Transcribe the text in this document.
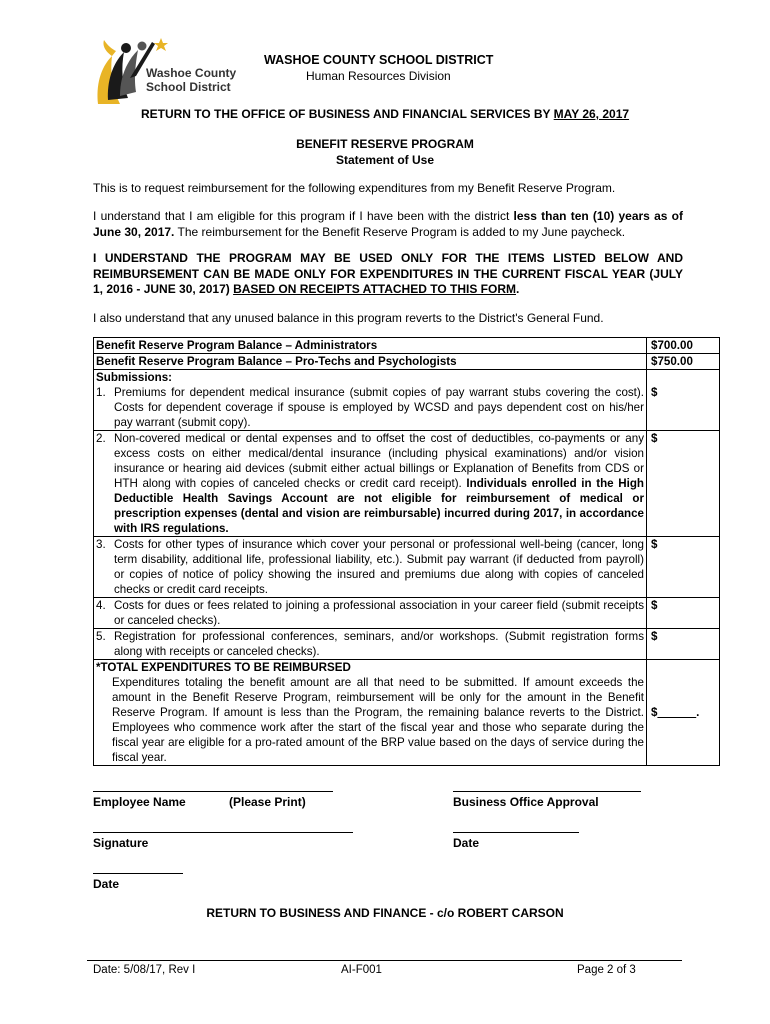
Washoe County
School District
WASHOE COUNTY SCHOOL DISTRICT
Human Resources Division
RETURN TO THE OFFICE OF BUSINESS AND FINANCIAL SERVICES BY MAY 26, 2017
BENEFIT RESERVE PROGRAM
Statement of Use
This is to request reimbursement for the following expenditures from my Benefit Reserve Program.
I understand that I am eligible for this program if I have been with the district less than ten (10) years as of June 30, 2017. The reimbursement for the Benefit Reserve Program is added to my June paycheck.
I UNDERSTAND THE PROGRAM MAY BE USED ONLY FOR THE ITEMS LISTED BELOW AND REIMBURSEMENT CAN BE MADE ONLY FOR EXPENDITURES IN THE CURRENT FISCAL YEAR (JULY 1, 2016 - JUNE 30, 2017) BASED ON RECEIPTS ATTACHED TO THIS FORM.
I also understand that any unused balance in this program reverts to the District's General Fund.
Benefit Reserve Program Balance – Administrators	$700.00
Benefit Reserve Program Balance – Pro-Techs and Psychologists	$750.00

Submissions:
1. Premiums for dependent medical insurance (submit copies of pay warrant stubs covering the cost). Costs for dependent coverage if spouse is employed by WCSD and pays dependent cost on his/her pay warrant (submit copy).	$

2. Non-covered medical or dental expenses and to offset the cost of deductibles, co-payments or any excess costs on either medical/dental insurance (including physical examinations) and/or vision insurance or hearing aid devices (submit either actual billings or Explanation of Benefits from CDS or HTH along with copies of canceled checks or credit card receipt). Individuals enrolled in the High Deductible Health Savings Account are not eligible for reimbursement of medical or prescription expenses (dental and vision are reimbursable) incurred during 2017, in accordance with IRS regulations.	$

3. Costs for other types of insurance which cover your personal or professional well-being (cancer, long term disability, additional life, professional liability, etc.). Submit pay warrant (if deducted from payroll) or copies of notice of policy showing the insured and premiums due along with copies of canceled checks or credit card receipts.	$

4. Costs for dues or fees related to joining a professional association in your career field (submit receipts or canceled checks).	$

5. Registration for professional conferences, seminars, and/or workshops. (Submit registration forms along with receipts or canceled checks).	$

*TOTAL EXPENDITURES TO BE REIMBURSED
Expenditures totaling the benefit amount are all that need to be submitted. If amount exceeds the amount in the Benefit Reserve Program, reimbursement will be only for the amount in the Benefit Reserve Program. If amount is less than the Program, the remaining balance reverts to the District. Employees who commence work after the start of the fiscal year and those who separate during the fiscal year are eligible for a pro-rated amount of the BRP value based on the days of service during the fiscal year.	$______.
Employee Name	(Please Print)	Business Office Approval
Signature	Date
Date
RETURN TO BUSINESS AND FINANCE - c/o ROBERT CARSON
Date: 5/08/17, Rev I	AI-F001	Page 2 of 3
